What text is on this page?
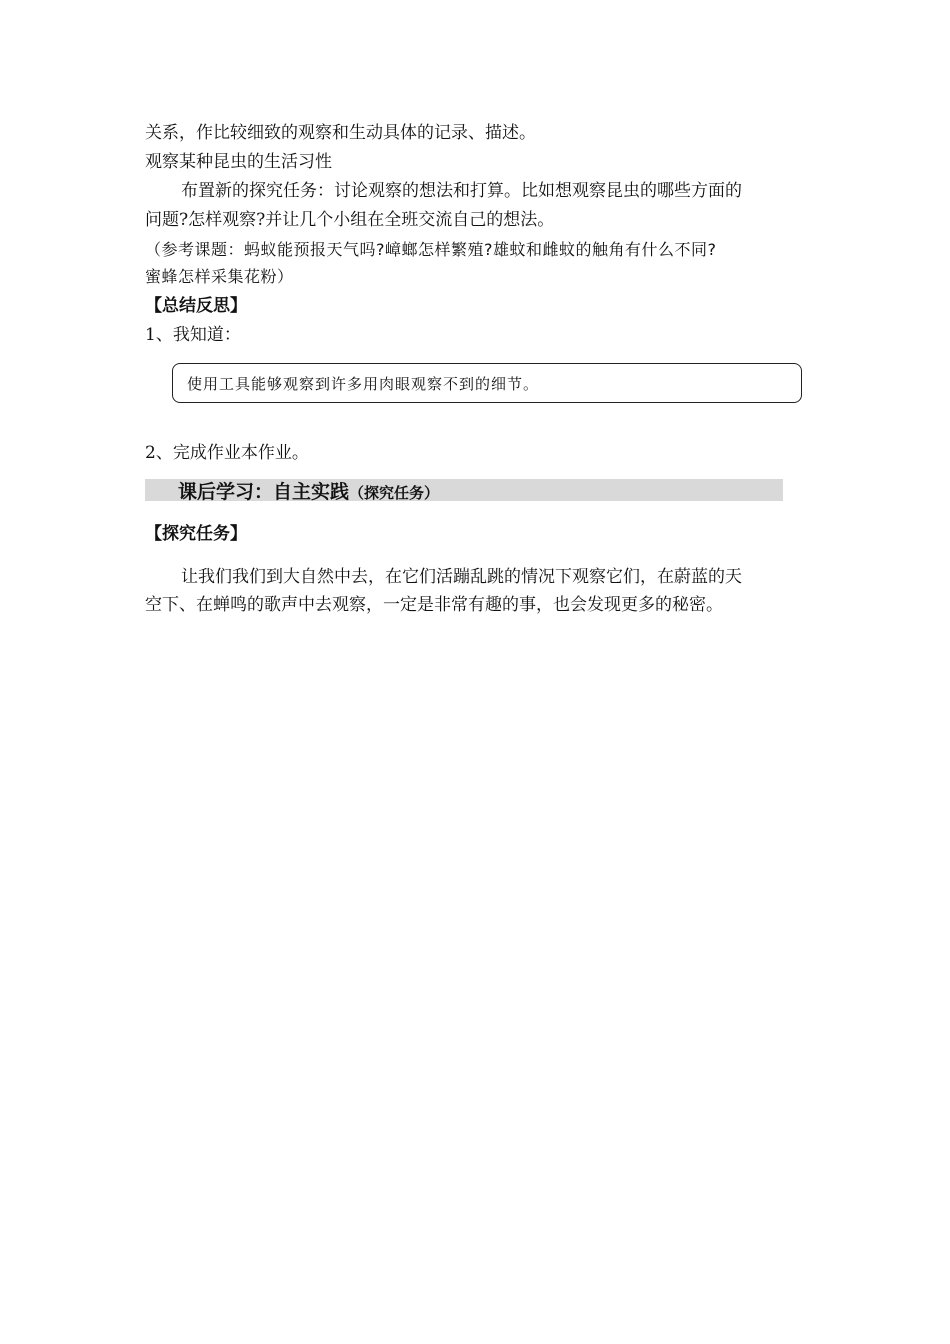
关系，作比较细致的观察和生动具体的记录、描述。
观察某种昆虫的生活习性
布置新的探究任务：讨论观察的想法和打算。比如想观察昆虫的哪些方面的
问题?怎样观察?并让几个小组在全班交流自己的想法。
（参考课题：蚂蚁能预报天气吗?嶂螂怎样繁殖?雄蚊和雌蚊的触角有什么不同?
蜜蜂怎样采集花粉）
【总结反思】
1、我知道：
使用工具能够观察到许多用肉眼观察不到的细节。
2、完成作业本作业。
课后学习：自主实践（探究任务）
【探究任务】
让我们我们到大自然中去，在它们活蹦乱跳的情况下观察它们，在蔚蓝的天
空下、在蝉鸣的歌声中去观察，一定是非常有趣的事，也会发现更多的秘密。
